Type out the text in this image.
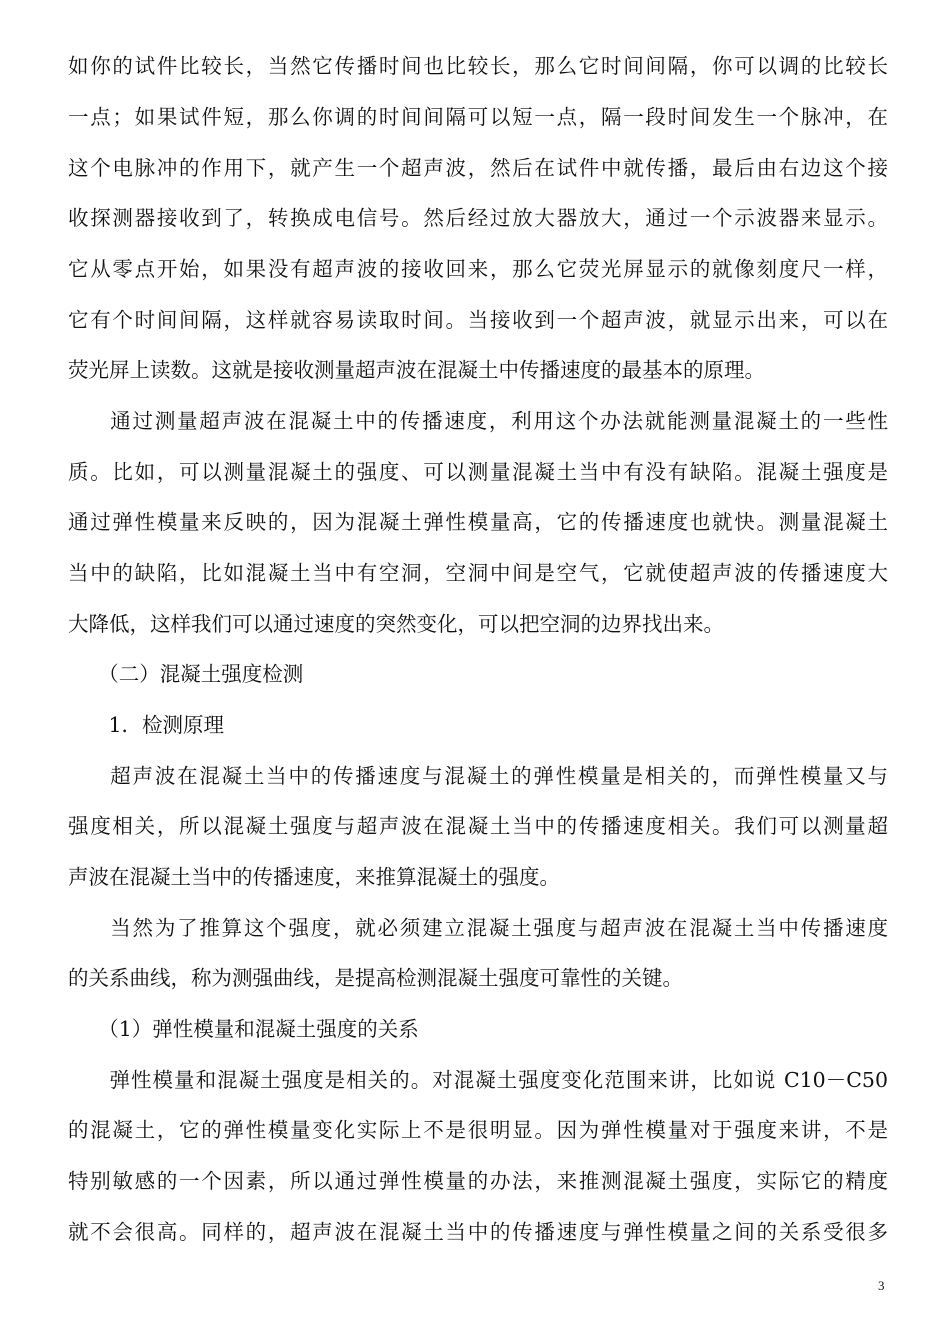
如你的试件比较长，当然它传播时间也比较长，那么它时间间隔，你可以调的比较长
一点；如果试件短，那么你调的时间间隔可以短一点，隔一段时间发生一个脉冲，在
这个电脉冲的作用下，就产生一个超声波，然后在试件中就传播，最后由右边这个接
收探测器接收到了，转换成电信号。然后经过放大器放大，通过一个示波器来显示。
它从零点开始，如果没有超声波的接收回来，那么它荧光屏显示的就像刻度尺一样，
它有个时间间隔，这样就容易读取时间。当接收到一个超声波，就显示出来，可以在
荧光屏上读数。这就是接收测量超声波在混凝土中传播速度的最基本的原理。
　通过测量超声波在混凝土中的传播速度，利用这个办法就能测量混凝土的一些性
质。比如，可以测量混凝土的强度、可以测量混凝土当中有没有缺陷。混凝土强度是
通过弹性模量来反映的，因为混凝土弹性模量高，它的传播速度也就快。测量混凝土
当中的缺陷，比如混凝土当中有空洞，空洞中间是空气，它就使超声波的传播速度大
大降低，这样我们可以通过速度的突然变化，可以把空洞的边界找出来。
　（二）混凝土强度检测
　1．检测原理
　超声波在混凝土当中的传播速度与混凝土的弹性模量是相关的，而弹性模量又与
强度相关，所以混凝土强度与超声波在混凝土当中的传播速度相关。我们可以测量超
声波在混凝土当中的传播速度，来推算混凝土的强度。
　当然为了推算这个强度，就必须建立混凝土强度与超声波在混凝土当中传播速度
的关系曲线，称为测强曲线，是提高检测混凝土强度可靠性的关键。
　（1）弹性模量和混凝土强度的关系
　弹性模量和混凝土强度是相关的。对混凝土强度变化范围来讲，比如说 C10－C50
的混凝土，它的弹性模量变化实际上不是很明显。因为弹性模量对于强度来讲，不是
特别敏感的一个因素，所以通过弹性模量的办法，来推测混凝土强度，实际它的精度
就不会很高。同样的，超声波在混凝土当中的传播速度与弹性模量之间的关系受很多
3
